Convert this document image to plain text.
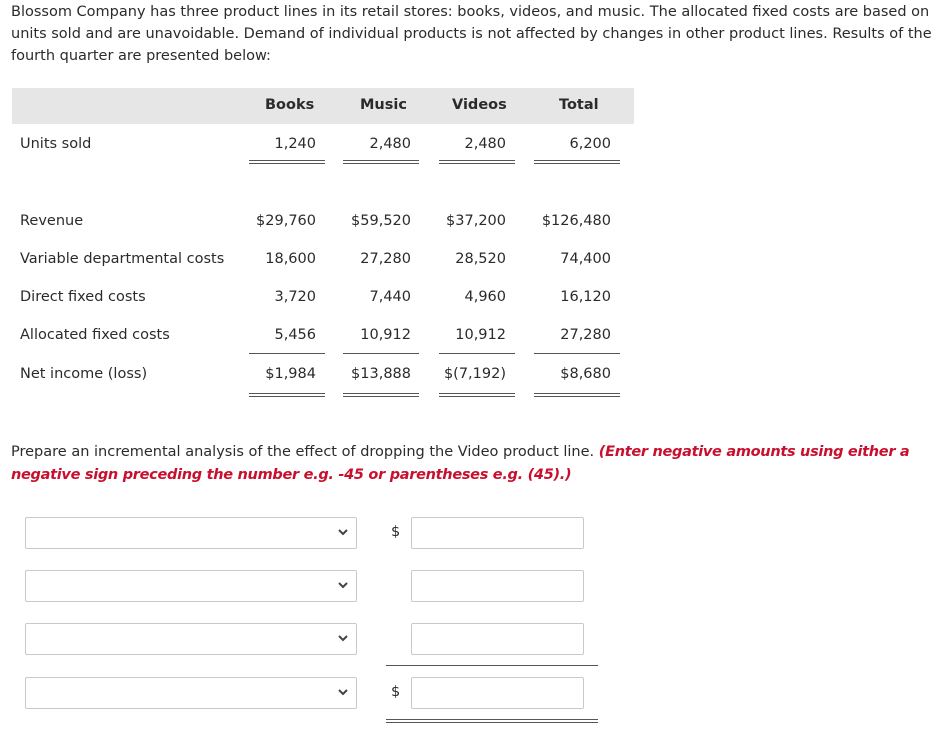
Blossom Company has three product lines in its retail stores: books, videos, and music. The allocated fixed costs are based on units sold and are unavoidable. Demand of individual products is not affected by changes in other product lines. Results of the fourth quarter are presented below:
Books	Music	Videos	Total
Units sold	1,240	2,480	2,480	6,200
Revenue	$29,760 $59,520 $37,200 $126,480
Variable departmental costs	18,600	27,280	28,520	74,400
Direct fixed costs	3,720	7,440	4,960	16,120
Allocated fixed costs	5,456	10,912	10,912	27,280
Net income (loss)	$1,984 $13,888 $(7,192)	$8,680
Prepare an incremental analysis of the effect of dropping the Video product line. (Enter negative amounts using either a negative sign preceding the number e.g. -45 or parentheses e.g. (45).)
$
$
